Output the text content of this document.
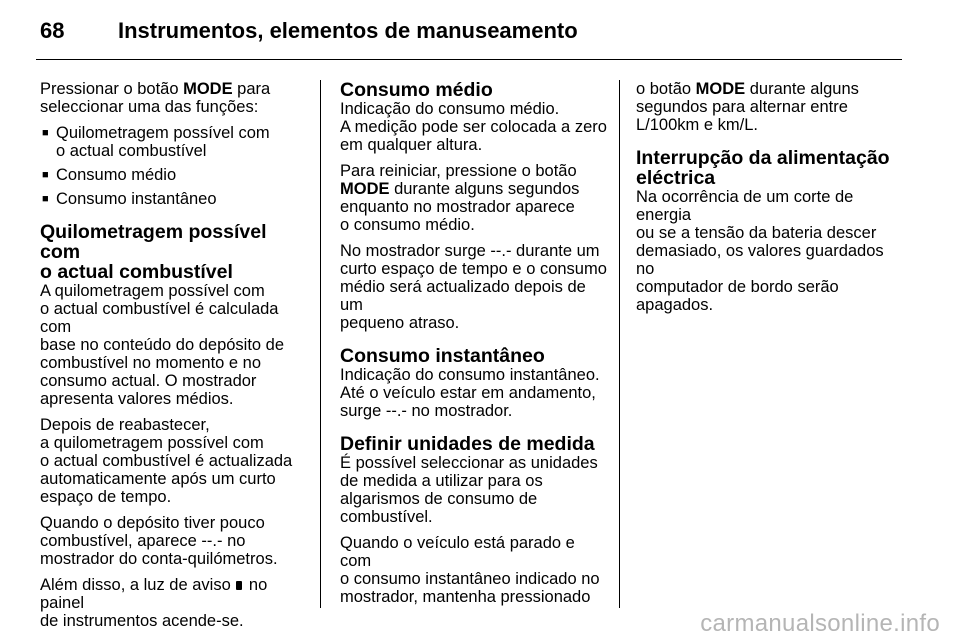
68 Instrumentos, elementos de manuseamento

Pressionar o botão MODE para
seleccionar uma das funções:

■ Quilometragem possível com
o actual combustível
■ Consumo médio
■ Consumo instantâneo
Quilometragem possível com
o actual combustível

A quilometragem possível com
o actual combustível é calculada com
base no conteúdo do depósito de
combustível no momento e no
consumo actual. O mostrador
apresenta valores médios.

Depois de reabastecer,
a quilometragem possível com
o actual combustível é actualizada
automaticamente após um curto
espaço de tempo.

Quando o depósito tiver pouco
combustível, aparece --.- no
mostrador do conta-quilómetros.

Além disso, a luz de aviso  no painel
de instrumentos acende-se.

Consumo médio

Indicação do consumo médio.
A medição pode ser colocada a zero
em qualquer altura.

Para reiniciar, pressione o botão
MODE durante alguns segundos
enquanto no mostrador aparece
o consumo médio.

No mostrador surge --.- durante um
curto espaço de tempo e o consumo
médio será actualizado depois de um
pequeno atraso.

Consumo instantâneo

Indicação do consumo instantâneo.
Até o veículo estar em andamento,
surge --.- no mostrador.

Definir unidades de medida

É possível seleccionar as unidades
de medida a utilizar para os
algarismos de consumo de
combustível.

Quando o veículo está parado e com
o consumo instantâneo indicado no
mostrador, mantenha pressionado

o botão MODE durante alguns
segundos para alternar entre
L/100km e km/L.

Interrupção da alimentação
eléctrica

Na ocorrência de um corte de energia
ou se a tensão da bateria descer
demasiado, os valores guardados no
computador de bordo serão
apagados.

carmanualsonline.info
